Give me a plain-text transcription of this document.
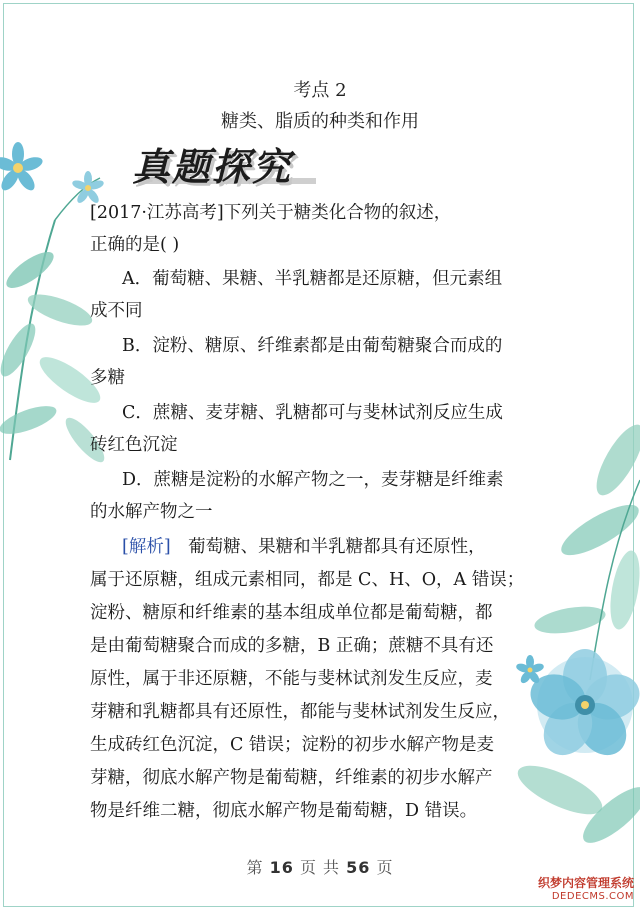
考点 2
糖类、脂质的种类和作用
真题探究
[2017·江苏高考]下列关于糖类化合物的叙述，
正确的是( )
A．葡萄糖、果糖、半乳糖都是还原糖，但元素组
成不同
B．淀粉、糖原、纤维素都是由葡萄糖聚合而成的
多糖
C．蔗糖、麦芽糖、乳糖都可与斐林试剂反应生成
砖红色沉淀
D．蔗糖是淀粉的水解产物之一，麦芽糖是纤维素
的水解产物之一
[解析]　葡萄糖、果糖和半乳糖都具有还原性，
属于还原糖，组成元素相同，都是 C、H、O，A 错误；
淀粉、糖原和纤维素的基本组成单位都是葡萄糖，都
是由葡萄糖聚合而成的多糖，B 正确；蔗糖不具有还
原性，属于非还原糖，不能与斐林试剂发生反应，麦
芽糖和乳糖都具有还原性，都能与斐林试剂发生反应，
生成砖红色沉淀，C 错误；淀粉的初步水解产物是麦
芽糖，彻底水解产物是葡萄糖，纤维素的初步水解产
物是纤维二糖，彻底水解产物是葡萄糖，D 错误。
第 16 页 共 56 页
织梦内容管理系统
DEDECMS.COM
